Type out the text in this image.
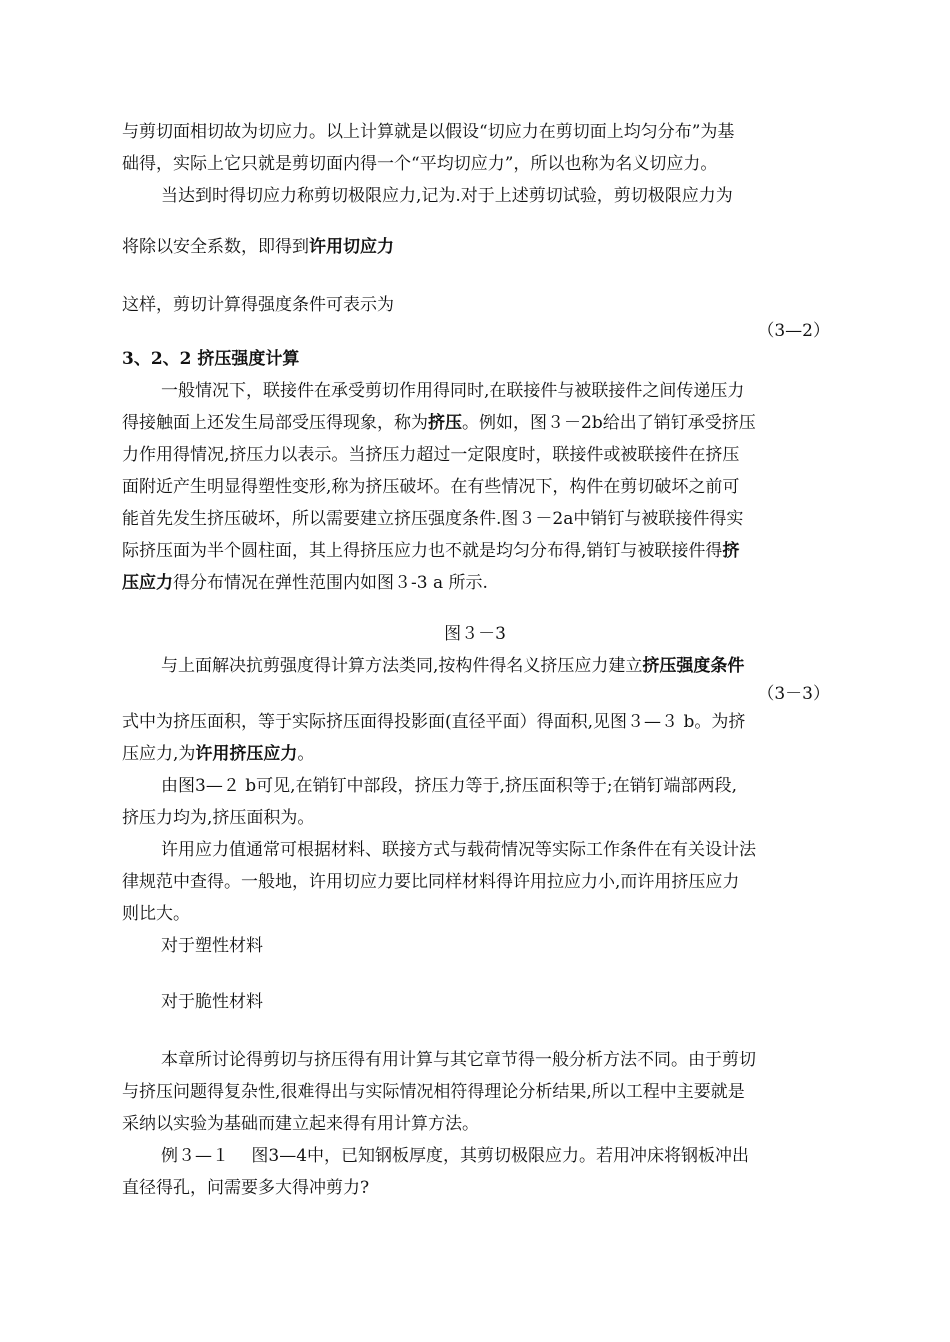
与剪切面相切故为切应力。以上计算就是以假设“切应力在剪切面上均匀分布”为基
础得，实际上它只就是剪切面内得一个“平均切应力”，所以也称为名义切应力。
当达到时得切应力称剪切极限应力,记为.对于上述剪切试验，剪切极限应力为
将除以安全系数，即得到许用切应力
这样，剪切计算得强度条件可表示为
（3—2）
3、2、2 挤压强度计算
一般情况下，联接件在承受剪切作用得同时,在联接件与被联接件之间传递压力
得接触面上还发生局部受压得现象，称为挤压。例如，图３－2b给出了销钉承受挤压
力作用得情况,挤压力以表示。当挤压力超过一定限度时，联接件或被联接件在挤压
面附近产生明显得塑性变形,称为挤压破坏。在有些情况下，构件在剪切破坏之前可
能首先发生挤压破坏，所以需要建立挤压强度条件.图３－2a中销钉与被联接件得实
际挤压面为半个圆柱面，其上得挤压应力也不就是均匀分布得,销钉与被联接件得挤
压应力得分布情况在弹性范围内如图３-3 a 所示.
图３－3
与上面解决抗剪强度得计算方法类同,按构件得名义挤压应力建立挤压强度条件
（3－3）
式中为挤压面积，等于实际挤压面得投影面(直径平面）得面积,见图３—３ b。为挤
压应力,为许用挤压应力。
由图3—２ b可见,在销钉中部段，挤压力等于,挤压面积等于;在销钉端部两段,
挤压力均为,挤压面积为。
许用应力值通常可根据材料、联接方式与载荷情况等实际工作条件在有关设计法
律规范中查得。一般地，许用切应力要比同样材料得许用拉应力小,而许用挤压应力
则比大。
对于塑性材料
对于脆性材料
本章所讨论得剪切与挤压得有用计算与其它章节得一般分析方法不同。由于剪切
与挤压问题得复杂性,很难得出与实际情况相符得理论分析结果,所以工程中主要就是
采纳以实验为基础而建立起来得有用计算方法。
例３—１　 图3—4中，已知钢板厚度，其剪切极限应力。若用冲床将钢板冲出
直径得孔，问需要多大得冲剪力?
